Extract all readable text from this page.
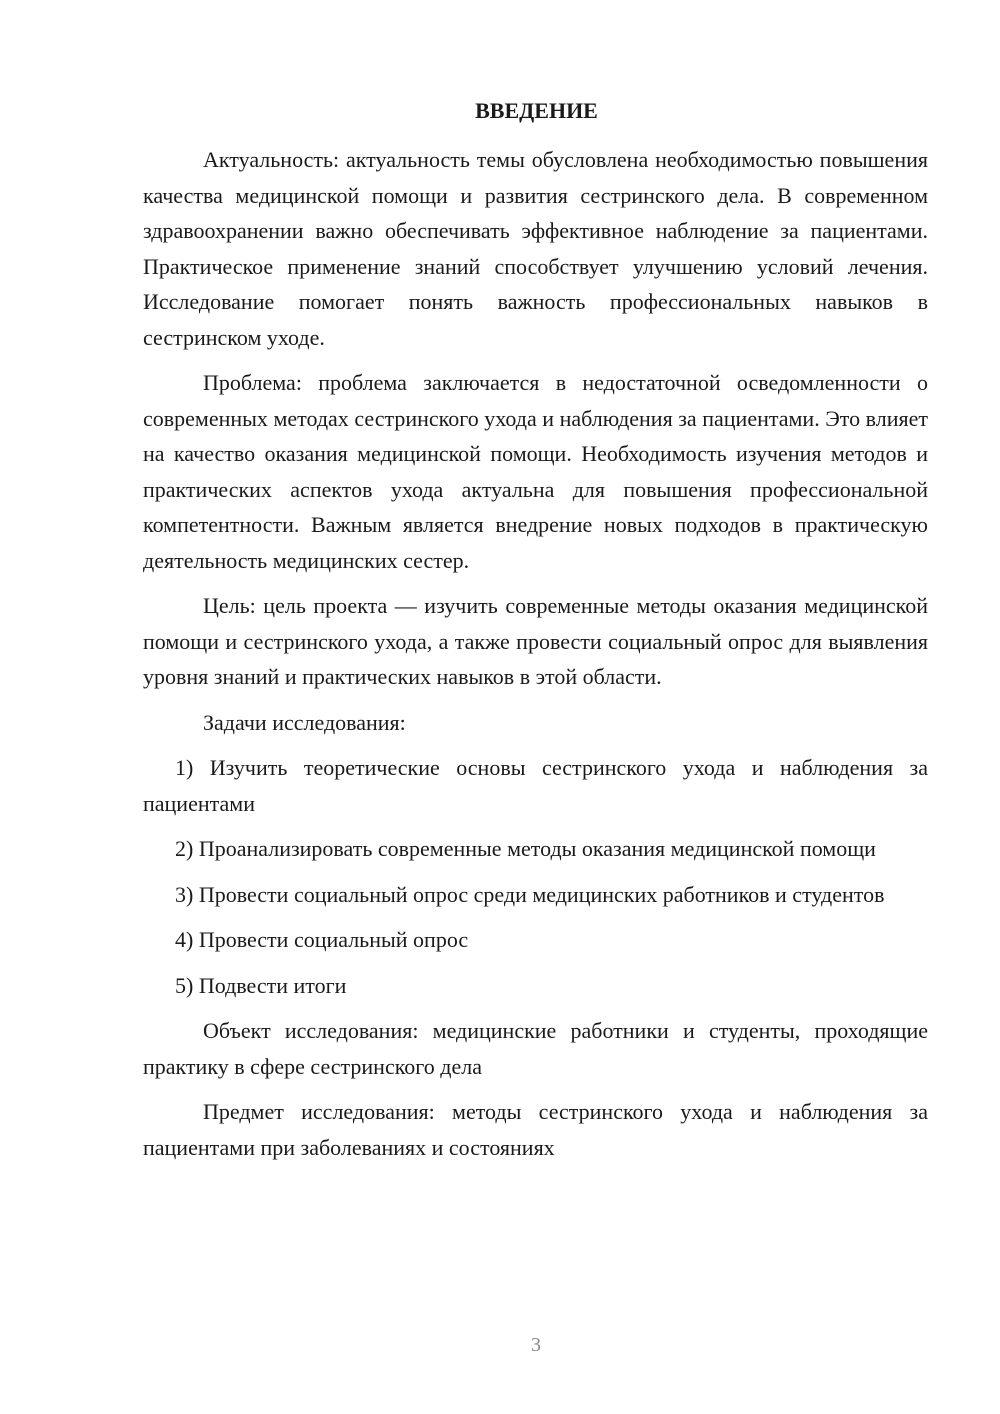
ВВЕДЕНИЕ

Актуальность: актуальность темы обусловлена необходимостью повышения качества медицинской помощи и развития сестринского дела. В современном здравоохранении важно обеспечивать эффективное наблюдение за пациентами. Практическое применение знаний способствует улучшению условий лечения. Исследование помогает понять важность профессиональных навыков в сестринском уходе.

Проблема: проблема заключается в недостаточной осведомленности о современных методах сестринского ухода и наблюдения за пациентами. Это влияет на качество оказания медицинской помощи. Необходимость изучения методов и практических аспектов ухода актуальна для повышения профессиональной компетентности. Важным является внедрение новых подходов в практическую деятельность медицинских сестер.

Цель: цель проекта — изучить современные методы оказания медицинской помощи и сестринского ухода, а также провести социальный опрос для выявления уровня знаний и практических навыков в этой области.

Задачи исследования:

1) Изучить теоретические основы сестринского ухода и наблюдения за пациентами

2) Проанализировать современные методы оказания медицинской помощи

3) Провести социальный опрос среди медицинских работников и студентов

4) Провести социальный опрос

5) Подвести итоги

Объект исследования: медицинские работники и студенты, проходящие практику в сфере сестринского дела

Предмет исследования: методы сестринского ухода и наблюдения за пациентами при заболеваниях и состояниях

3
